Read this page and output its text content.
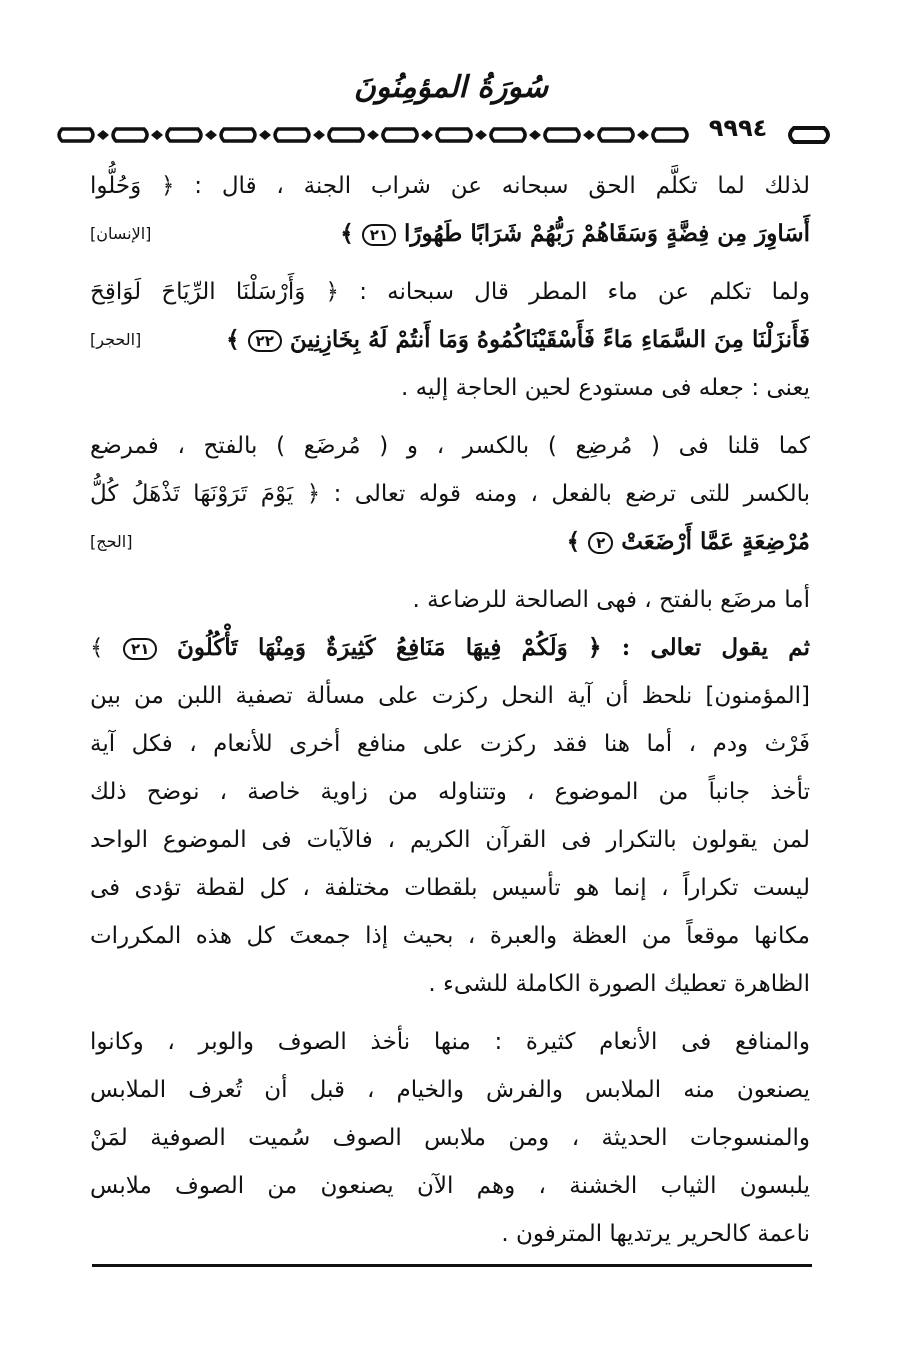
سُورَةُ المؤمِنُونَ
٩٩٩٤
لذلك لما تكلَّم الحق سبحانه عن شراب الجنة ، قال : ﴿ وَحُلُّوا
أَسَاوِرَ مِن فِضَّةٍ وَسَقَاهُمْ رَبُّهُمْ شَرَابًا طَهُورًا ٢١ ﴾
[الإنسان]
ولما تكلم عن ماء المطر قال سبحانه : ﴿ وَأَرْسَلْنَا الرِّيَاحَ لَوَاقِحَ
فَأَنزَلْنَا مِنَ السَّمَاءِ مَاءً فَأَسْقَيْنَاكُمُوهُ وَمَا أَنتُمْ لَهُ بِخَازِنِينَ ٢٢ ﴾
[الحجر]
يعنى : جعله فى مستودع لحين الحاجة إليه .
كما قلنا فى ( مُرضِع ) بالكسر ، و ( مُرضَع ) بالفتح ، فمرضع
بالكسر للتى ترضع بالفعل ، ومنه قوله تعالى : ﴿ يَوْمَ تَرَوْنَهَا تَذْهَلُ كُلُّ
مُرْضِعَةٍ عَمَّا أَرْضَعَتْ ٢ ﴾
[الحج]
أما مرضَع بالفتح ، فهى الصالحة للرضاعة .
ثم يقول تعالى : ﴿ وَلَكُمْ فِيهَا مَنَافِعُ كَثِيرَةٌ وَمِنْهَا تَأْكُلُونَ ٢١ ﴾
[المؤمنون] نلحظ أن آية النحل ركزت على مسألة تصفية اللبن من بين
فَرْث ودم ، أما هنا فقد ركزت على منافع أخرى للأنعام ، فكل آية
تأخذ جانباً من الموضوع ، وتتناوله من زاوية خاصة ، نوضح ذلك
لمن يقولون بالتكرار فى القرآن الكريم ، فالآيات فى الموضوع الواحد
ليست تكراراً ، إنما هو تأسيس بلقطات مختلفة ، كل لقطة تؤدى فى
مكانها موقعاً من العظة والعبرة ، بحيث إذا جمعتَ كل هذه المكررات
الظاهرة تعطيك الصورة الكاملة للشىء .
والمنافع فى الأنعام كثيرة : منها نأخذ الصوف والوبر ، وكانوا
يصنعون منه الملابس والفرش والخيام ، قبل أن تُعرف الملابس
والمنسوجات الحديثة ، ومن ملابس الصوف سُميت الصوفية لمَنْ
يلبسون الثياب الخشنة ، وهم الآن يصنعون من الصوف ملابس
ناعمة كالحرير يرتديها المترفون .
